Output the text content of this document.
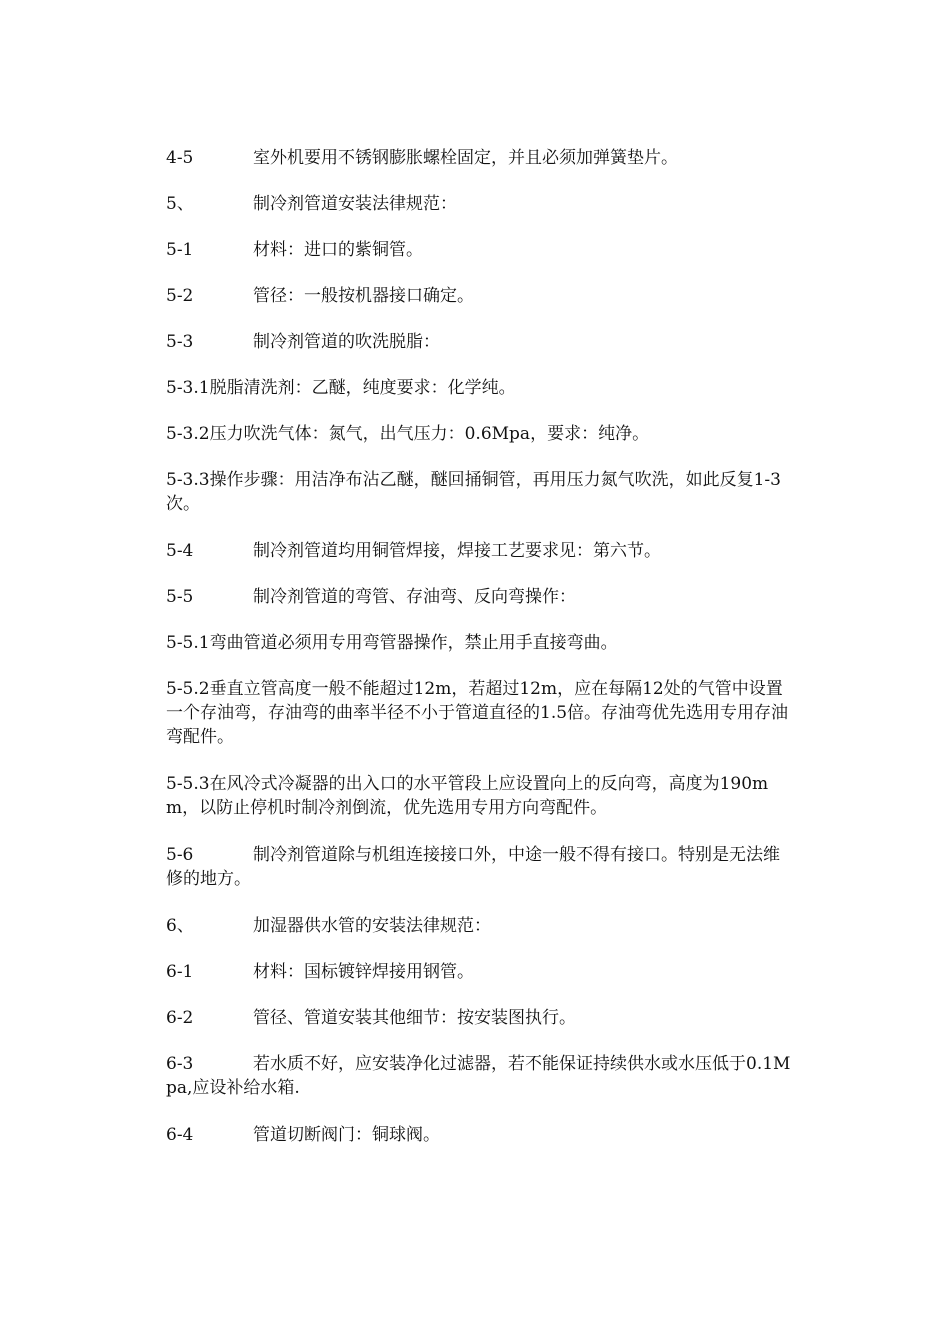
4-5	室外机要用不锈钢膨胀螺栓固定，并且必须加弹簧垫片。

5、	制冷剂管道安装法律规范：

5-1	材料：进口的紫铜管。

5-2	管径：一般按机器接口确定。

5-3	制冷剂管道的吹洗脱脂：

5-3.1脱脂清洗剂：乙醚，纯度要求：化学纯。

5-3.2压力吹洗气体：氮气，出气压力：0.6Mpa，要求：纯净。

5-3.3操作步骤：用洁净布沾乙醚，醚回捅铜管，再用压力氮气吹洗，如此反复1-3次。

5-4	制冷剂管道均用铜管焊接，焊接工艺要求见：第六节。

5-5	制冷剂管道的弯管、存油弯、反向弯操作：

5-5.1弯曲管道必须用专用弯管器操作，禁止用手直接弯曲。

5-5.2垂直立管高度一般不能超过12m，若超过12m，应在每隔12处的气管中设置一个存油弯，存油弯的曲率半径不小于管道直径的1.5倍。存油弯优先选用专用存油弯配件。

5-5.3在风冷式冷凝器的出入口的水平管段上应设置向上的反向弯，高度为190mm，以防止停机时制冷剂倒流，优先选用专用方向弯配件。

5-6	制冷剂管道除与机组连接接口外，中途一般不得有接口。特别是无法维修的地方。

6、	加湿器供水管的安装法律规范：

6-1	材料：国标镀锌焊接用钢管。

6-2	管径、管道安装其他细节：按安装图执行。

6-3	若水质不好，应安装净化过滤器，若不能保证持续供水或水压低于0.1Mpa,应设补给水箱.

6-4	管道切断阀门：铜球阀。
